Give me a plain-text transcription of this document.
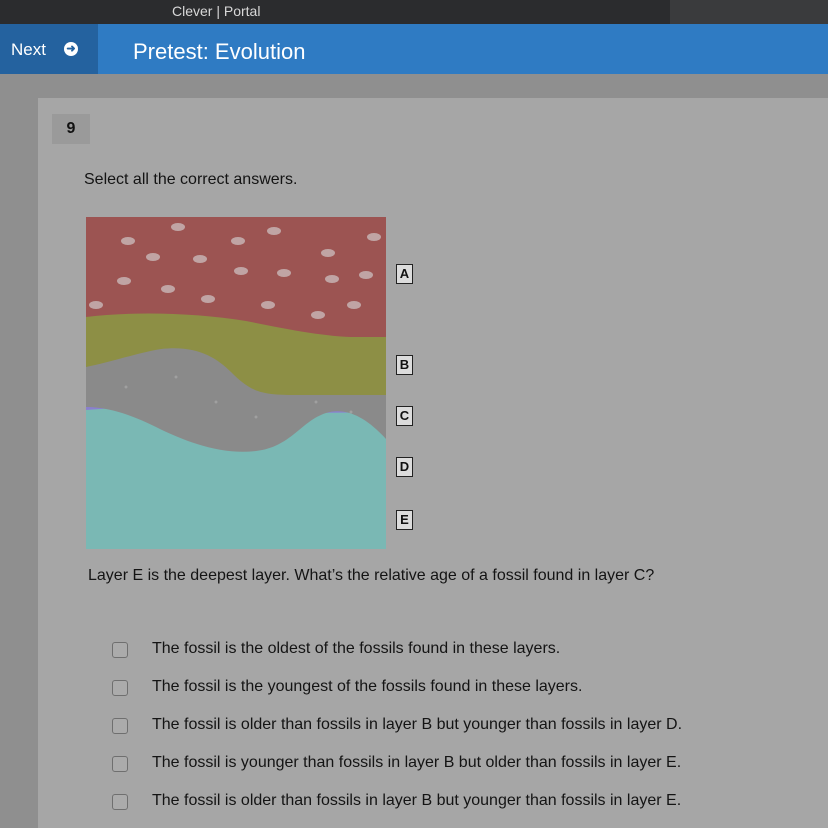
Clever | Portal
Next ➜	Pretest: Evolution
9
Select all the correct answers.
A
B
C
D
E
Layer E is the deepest layer. What’s the relative age of a fossil found in layer C?
The fossil is the oldest of the fossils found in these layers.
The fossil is the youngest of the fossils found in these layers.
The fossil is older than fossils in layer B but younger than fossils in layer D.
The fossil is younger than fossils in layer B but older than fossils in layer E.
The fossil is older than fossils in layer B but younger than fossils in layer E.
